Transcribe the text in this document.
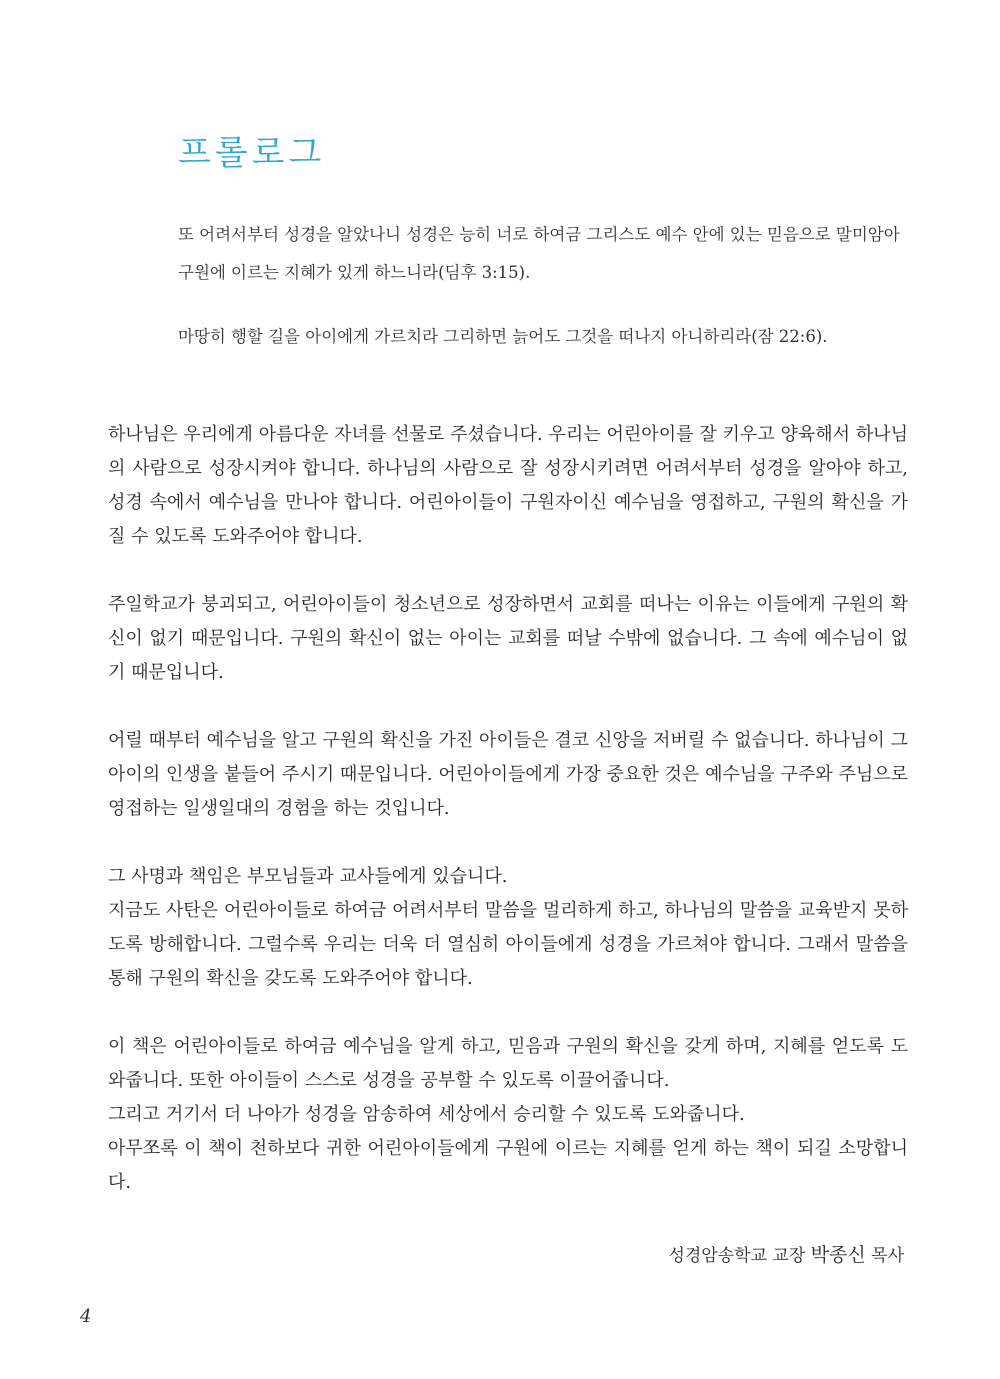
프롤로그

또 어려서부터 성경을 알았나니 성경은 능히 너로 하여금 그리스도 예수 안에 있는 믿음으로 말미암아 구원에 이르는 지혜가 있게 하느니라(딤후 3:15).

마땅히 행할 길을 아이에게 가르치라 그리하면 늙어도 그것을 떠나지 아니하리라(잠 22:6).

하나님은 우리에게 아름다운 자녀를 선물로 주셨습니다. 우리는 어린아이를 잘 키우고 양육해서 하나님의 사람으로 성장시켜야 합니다. 하나님의 사람으로 잘 성장시키려면 어려서부터 성경을 알아야 하고, 성경 속에서 예수님을 만나야 합니다. 어린아이들이 구원자이신 예수님을 영접하고, 구원의 확신을 가질 수 있도록 도와주어야 합니다.

주일학교가 붕괴되고, 어린아이들이 청소년으로 성장하면서 교회를 떠나는 이유는 이들에게 구원의 확신이 없기 때문입니다. 구원의 확신이 없는 아이는 교회를 떠날 수밖에 없습니다. 그 속에 예수님이 없기 때문입니다.

어릴 때부터 예수님을 알고 구원의 확신을 가진 아이들은 결코 신앙을 저버릴 수 없습니다. 하나님이 그 아이의 인생을 붙들어 주시기 때문입니다. 어린아이들에게 가장 중요한 것은 예수님을 구주와 주님으로 영접하는 일생일대의 경험을 하는 것입니다.

그 사명과 책임은 부모님들과 교사들에게 있습니다.

지금도 사탄은 어린아이들로 하여금 어려서부터 말씀을 멀리하게 하고, 하나님의 말씀을 교육받지 못하도록 방해합니다. 그럴수록 우리는 더욱 더 열심히 아이들에게 성경을 가르쳐야 합니다. 그래서 말씀을 통해 구원의 확신을 갖도록 도와주어야 합니다.

이 책은 어린아이들로 하여금 예수님을 알게 하고, 믿음과 구원의 확신을 갖게 하며, 지혜를 얻도록 도와줍니다. 또한 아이들이 스스로 성경을 공부할 수 있도록 이끌어줍니다.

그리고 거기서 더 나아가 성경을 암송하여 세상에서 승리할 수 있도록 도와줍니다.

아무쪼록 이 책이 천하보다 귀한 어린아이들에게 구원에 이르는 지혜를 얻게 하는 책이 되길 소망합니다.

성경암송학교 교장 박종신 목사
4
